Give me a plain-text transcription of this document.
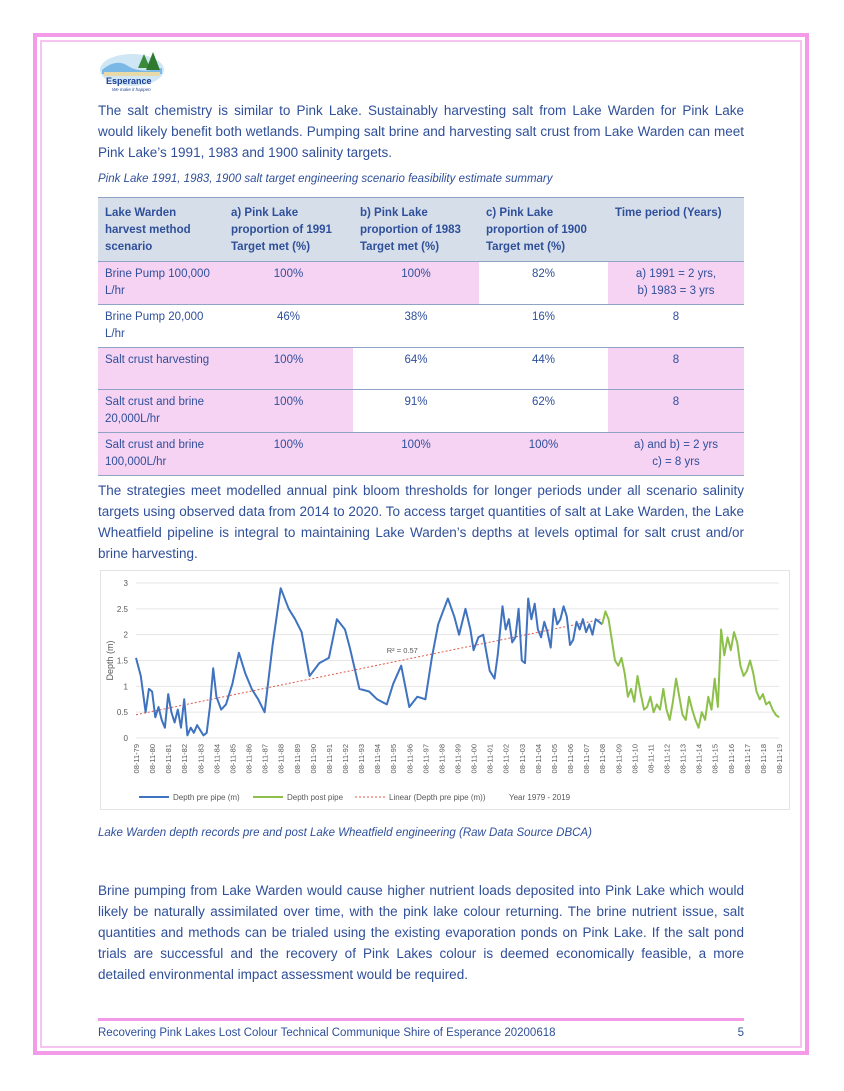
Esperance
We make it happen

The salt chemistry is similar to Pink Lake. Sustainably harvesting salt from Lake Warden for Pink Lake would likely benefit both wetlands. Pumping salt brine and harvesting salt crust from Lake Warden can meet Pink Lake’s 1991, 1983 and 1900 salinity targets.

Pink Lake 1991, 1983, 1900 salt target engineering scenario feasibility estimate summary

Lake Warden harvest method scenario	a) Pink Lake proportion of 1991 Target met (%)	b) Pink Lake proportion of 1983 Target met (%)	c) Pink Lake proportion of 1900 Target met (%)	Time period (Years)
Brine Pump 100,000 L/hr	100%	100%	82%	a) 1991 = 2 yrs,
b) 1983 = 3 yrs

Brine Pump 20,000 L/hr	46%	38%	16%	8

Salt crust harvesting	100%	64%	44%	8

Salt crust and brine 20,000L/hr	100%	91%	62%	8

Salt crust and brine 100,000L/hr	100%	100%	100%	a) and b) = 2 yrs
c) = 8 yrs

The strategies meet modelled annual pink bloom thresholds for longer periods under all scenario salinity targets using observed data from 2014 to 2020. To access target quantities of salt at Lake Warden, the Lake Wheatfield pipeline is integral to maintaining Lake Warden’s depths at levels optimal for salt crust and/or brine harvesting.

0
0.5
1
1.5
2
2.5
3
Depth (m)
08-11-79 08-11-80 08-11-81 08-11-82 08-11-83 08-11-84 08-11-85 08-11-86 08-11-87 08-11-88 08-11-89 08-11-90 08-11-91 08-11-92 08-11-93 08-11-94 08-11-95 08-11-96 08-11-97 08-11-98 08-11-99 08-11-00 08-11-01 08-11-02 08-11-03 08-11-04 08-11-05 08-11-06 08-11-07 08-11-08 08-11-09 08-11-10 08-11-11 08-11-12 08-11-13 08-11-14 08-11-15 08-11-16 08-11-17 08-11-18 08-11-19
R² = 0.57
Depth pre pipe (m)	Depth post pipe	Linear (Depth pre pipe (m))	Year 1979 - 2019

Lake Warden depth records pre and post Lake Wheatfield engineering (Raw Data Source DBCA)

Brine pumping from Lake Warden would cause higher nutrient loads deposited into Pink Lake which would likely be naturally assimilated over time, with the pink lake colour returning. The brine nutrient issue, salt quantities and methods can be trialed using the existing evaporation ponds on Pink Lake. If the salt pond trials are successful and the recovery of Pink Lakes colour is deemed economically feasible, a more detailed environmental impact assessment would be required.

Recovering Pink Lakes Lost Colour Technical Communique Shire of Esperance 20200618	5
